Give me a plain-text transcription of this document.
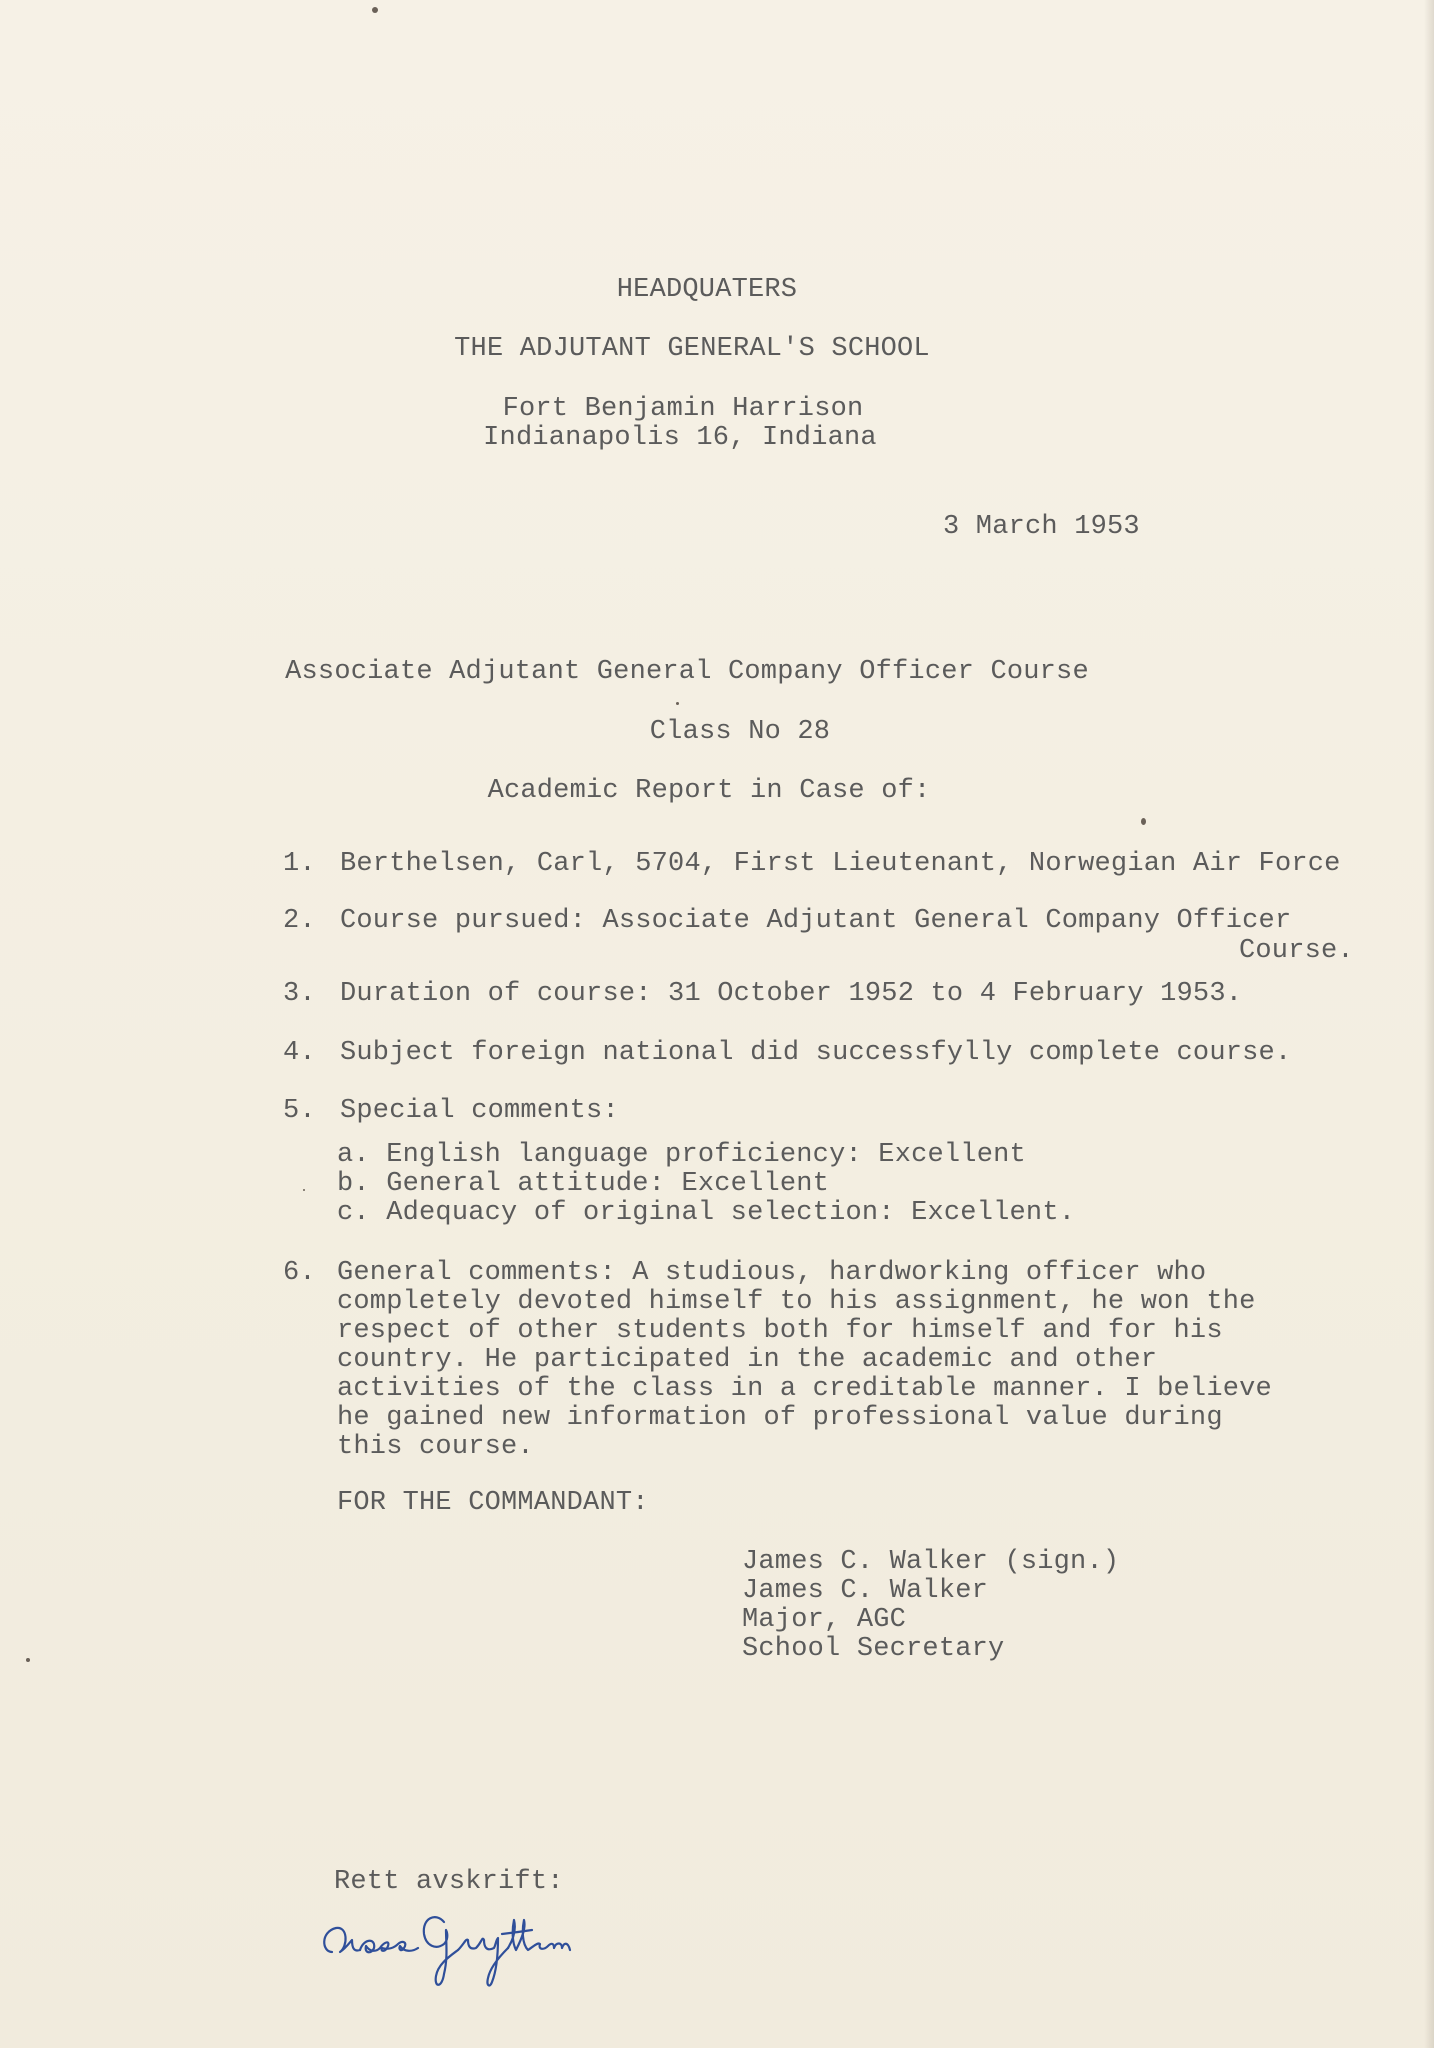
HEADQUATERS
THE ADJUTANT GENERAL'S SCHOOL
Fort Benjamin Harrison
Indianapolis 16, Indiana
3 March 1953
Associate Adjutant General Company Officer Course
Class No 28
Academic Report in Case of:
1. Berthelsen, Carl, 5704, First Lieutenant, Norwegian Air Force
2. Course pursued: Associate Adjutant General Company Officer
Course.
3. Duration of course: 31 October 1952 to 4 February 1953.
4. Subject foreign national did successfylly complete course.
5. Special comments:
a. English language proficiency: Excellent
b. General attitude: Excellent
c. Adequacy of original selection: Excellent.
6. General comments: A studious, hardworking officer who
completely devoted himself to his assignment, he won the
respect of other students both for himself and for his
country. He participated in the academic and other
activities of the class in a creditable manner. I believe
he gained new information of professional value during
this course.
FOR THE COMMANDANT:
James C. Walker (sign.)
James C. Walker
Major, AGC
School Secretary
Rett avskrift:
